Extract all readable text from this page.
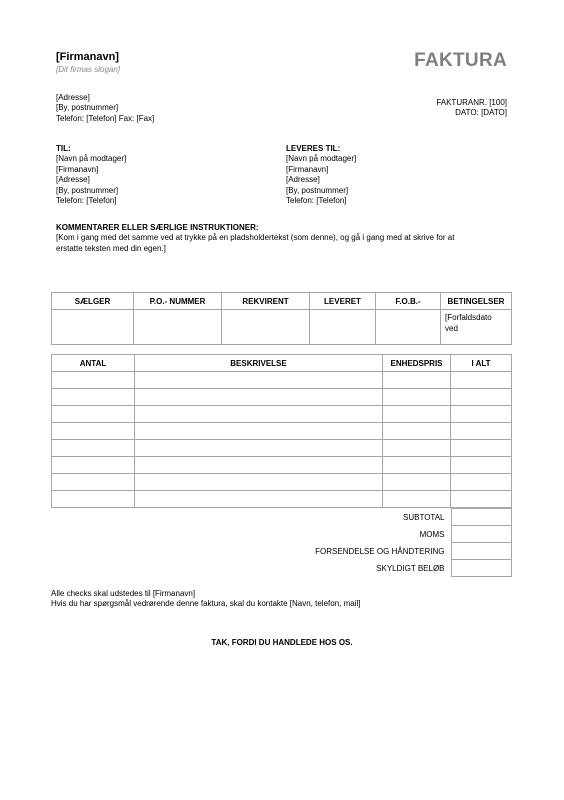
[Firmanavn]
[Dit firmas slogan]	FAKTURA
[Adresse]
[By, postnummer]
Telefon: [Telefon] Fax: [Fax]
FAKTURANR. [100]
DATO: [DATO]
TIL:
[Navn på modtager]
[Firmanavn]
[Adresse]
[By, postnummer]
Telefon: [Telefon]
LEVERES TIL:
[Navn på modtager]
[Firmanavn]
[Adresse]
[By, postnummer]
Telefon: [Telefon]
KOMMENTARER ELLER SÆRLIGE INSTRUKTIONER:
[Kom i gang med det samme ved at trykke på en pladsholdertekst (som denne), og gå i gang med at skrive for at
erstatte teksten med din egen.]
SÆLGER	P.O.- NUMMER	REKVIRENT	LEVERET	F.O.B.-	BETINGELSER

					[Forfaldsdato
ved
ANTAL	BESKRIVELSE	ENHEDSPRIS	I ALT

SUBTOTAL	
MOMS	
FORSENDELSE OG HÅNDTERING	
SKYLDIGT BELØB	
Alle checks skal udstedes til [Firmanavn]
Hvis du har spørgsmål vedrørende denne faktura, skal du kontakte [Navn, telefon, mail]
TAK, FORDI DU HANDLEDE HOS OS.
